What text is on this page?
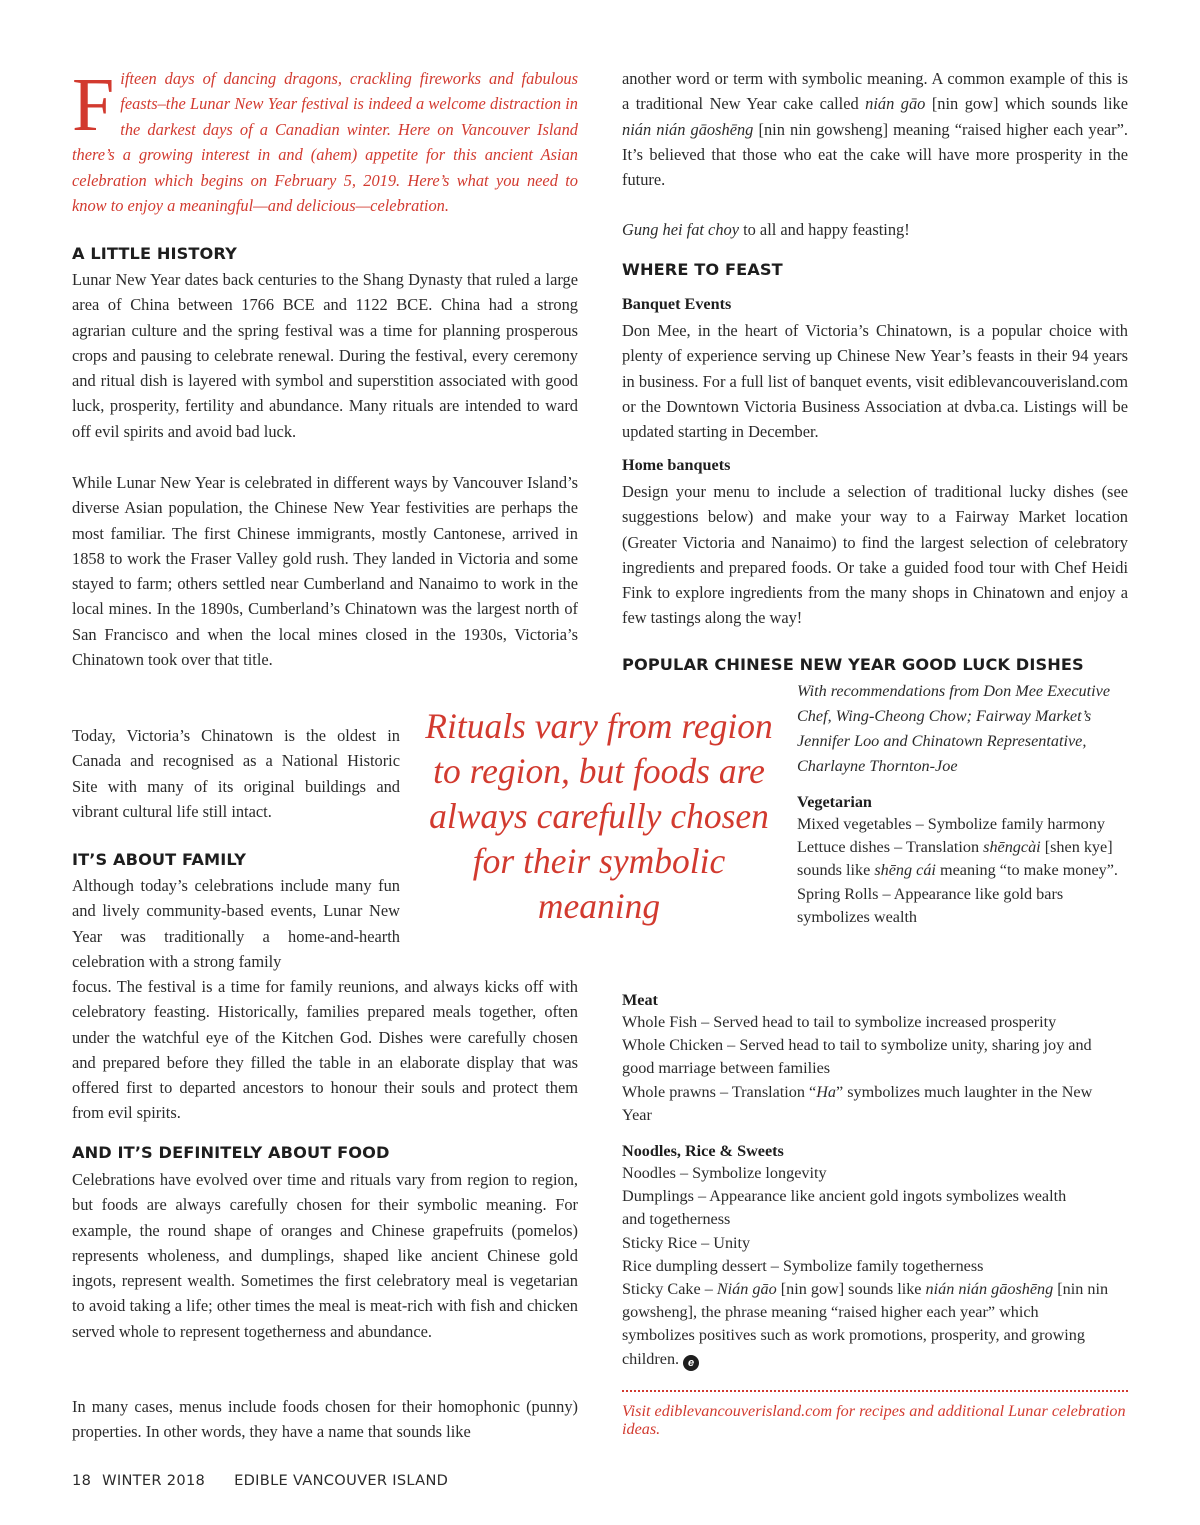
Fifteen days of dancing dragons, crackling fireworks and fabulous feasts–the Lunar New Year festival is indeed a welcome distraction in the darkest days of a Canadian winter. Here on Vancouver Island there’s a growing interest in and (ahem) appetite for this ancient Asian celebration which begins on February 5, 2019. Here’s what you need to know to enjoy a meaningful—and delicious—celebration.

A LITTLE HISTORY

Lunar New Year dates back centuries to the Shang Dynasty that ruled a large area of China between 1766 BCE and 1122 BCE. China had a strong agrarian culture and the spring festival was a time for planning prosperous crops and pausing to celebrate renewal. During the festival, every ceremony and ritual dish is layered with symbol and superstition associated with good luck, prosperity, fertility and abundance. Many rituals are intended to ward off evil spirits and avoid bad luck.

While Lunar New Year is celebrated in different ways by Vancouver Island’s diverse Asian population, the Chinese New Year festivities are perhaps the most familiar. The first Chinese immigrants, mostly Cantonese, arrived in 1858 to work the Fraser Valley gold rush. They landed in Victoria and some stayed to farm; others settled near Cumberland and Nanaimo to work in the local mines. In the 1890s, Cumberland’s Chinatown was the largest north of San Francisco and when the local mines closed in the 1930s, Victoria’s Chinatown took over that title.

Today, Victoria’s Chinatown is the oldest in Canada and recognised as a National Historic Site with many of its original buildings and vibrant cultural life still intact.

IT’S ABOUT FAMILY

Although today’s celebrations include many fun and lively community-based events, Lunar New Year was traditionally a home-and-hearth celebration with a strong family

focus. The festival is a time for family reunions, and always kicks off with celebratory feasting. Historically, families prepared meals together, often under the watchful eye of the Kitchen God. Dishes were carefully chosen and prepared before they filled the table in an elaborate display that was offered first to departed ancestors to honour their souls and protect them from evil spirits.

AND IT’S DEFINITELY ABOUT FOOD

Celebrations have evolved over time and rituals vary from region to region, but foods are always carefully chosen for their symbolic meaning. For example, the round shape of oranges and Chinese grapefruits (pomelos) represents wholeness, and dumplings, shaped like ancient Chinese gold ingots, represent wealth. Sometimes the first celebratory meal is vegetarian to avoid taking a life; other times the meal is meat-rich with fish and chicken served whole to represent togetherness and abundance.

In many cases, menus include foods chosen for their homophonic (punny) properties. In other words, they have a name that sounds like

Rituals vary from region to region, but foods are always carefully chosen for their symbolic meaning

another word or term with symbolic meaning. A common example of this is a traditional New Year cake called nián gāo [nin gow] which sounds like nián nián gāoshēng [nin nin gowsheng] meaning “raised higher each year”. It’s believed that those who eat the cake will have more prosperity in the future.

Gung hei fat choy to all and happy feasting!

WHERE TO FEAST

Banquet Events

Don Mee, in the heart of Victoria’s Chinatown, is a popular choice with plenty of experience serving up Chinese New Year’s feasts in their 94 years in business. For a full list of banquet events, visit ediblevancouverisland.com or the Downtown Victoria Business Association at dvba.ca. Listings will be updated starting in December.

Home banquets

Design your menu to include a selection of traditional lucky dishes (see suggestions below) and make your way to a Fairway Market location (Greater Victoria and Nanaimo) to find the largest selection of celebratory ingredients and prepared foods. Or take a guided food tour with Chef Heidi Fink to explore ingredients from the many shops in Chinatown and enjoy a few tastings along the way!

POPULAR CHINESE NEW YEAR GOOD LUCK DISHES

With recommendations from Don Mee Executive Chef, Wing-Cheong Chow; Fairway Market’s Jennifer Loo and Chinatown Representative, Charlayne Thornton-Joe

Vegetarian

Mixed vegetables – Symbolize family harmony

Lettuce dishes – Translation shēngcài [shen kye] sounds like shēng cái meaning “to make money”.

Spring Rolls – Appearance like gold bars symbolizes wealth

Meat

Whole Fish – Served head to tail to symbolize increased prosperity

Whole Chicken – Served head to tail to symbolize unity, sharing joy and good marriage between families

Whole prawns – Translation “Ha” symbolizes much laughter in the New Year

Noodles, Rice & Sweets

Noodles – Symbolize longevity

Dumplings – Appearance like ancient gold ingots symbolizes wealth and togetherness

Sticky Rice – Unity

Rice dumpling dessert – Symbolize family togetherness

Sticky Cake – Nián gāo [nin gow] sounds like nián nián gāoshēng [nin nin gowsheng], the phrase meaning “raised higher each year” which symbolizes positives such as work promotions, prosperity, and growing children. e

Visit ediblevancouverisland.com for recipes and additional Lunar celebration ideas.

18 WINTER 2018 EDIBLE VANCOUVER ISLAND
